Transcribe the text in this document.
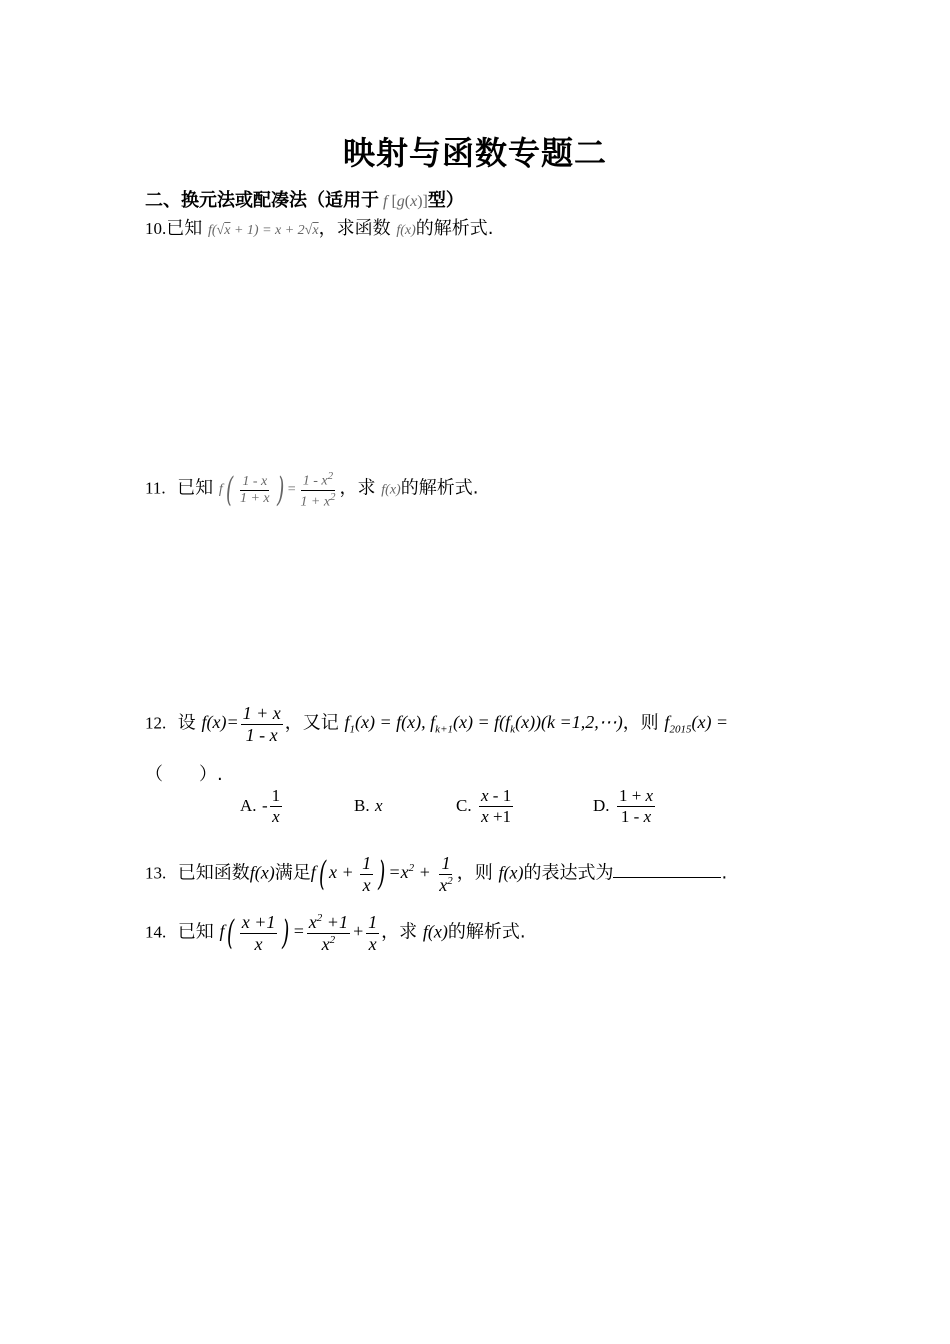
映射与函数专题二
二、换元法或配凑法（适用于 f [g(x)]型）
10.已知 f(√x + 1) = x + 2√x，求函数 f(x)的解析式.
11. 已知 $f( \frac{1 - x}{1 + x}$ ) = $\frac{1 - x^2}{1 + x^2}$ ，求 f(x)的解析式.
12. 设 $f(x)= \frac{1 + x}{1 - x}$ ，又记 $f_1(x) = f(x)$, $f_{k+1}(x) = f(f_k(x))(k$ =1,2,⋯)，则 $f_{2015}(x)$ =
（　　）.
A. - $\frac{1}{x}$	B. x	C. $\frac{x - 1}{x +1}$	D. $\frac{1 + x}{1 - x}$
13. 已知函数f(x)满足f( $x + \frac{1}{x}$ ) $=x^2 + \frac{1}{x^2}$ ，则 f(x)的表达式为	.
14. 已知 $f( \frac{x +1}{x}$ ) = $\frac{x^2 +1}{x^2} + \frac{1}{x}$ ，求 f(x)的解析式.
